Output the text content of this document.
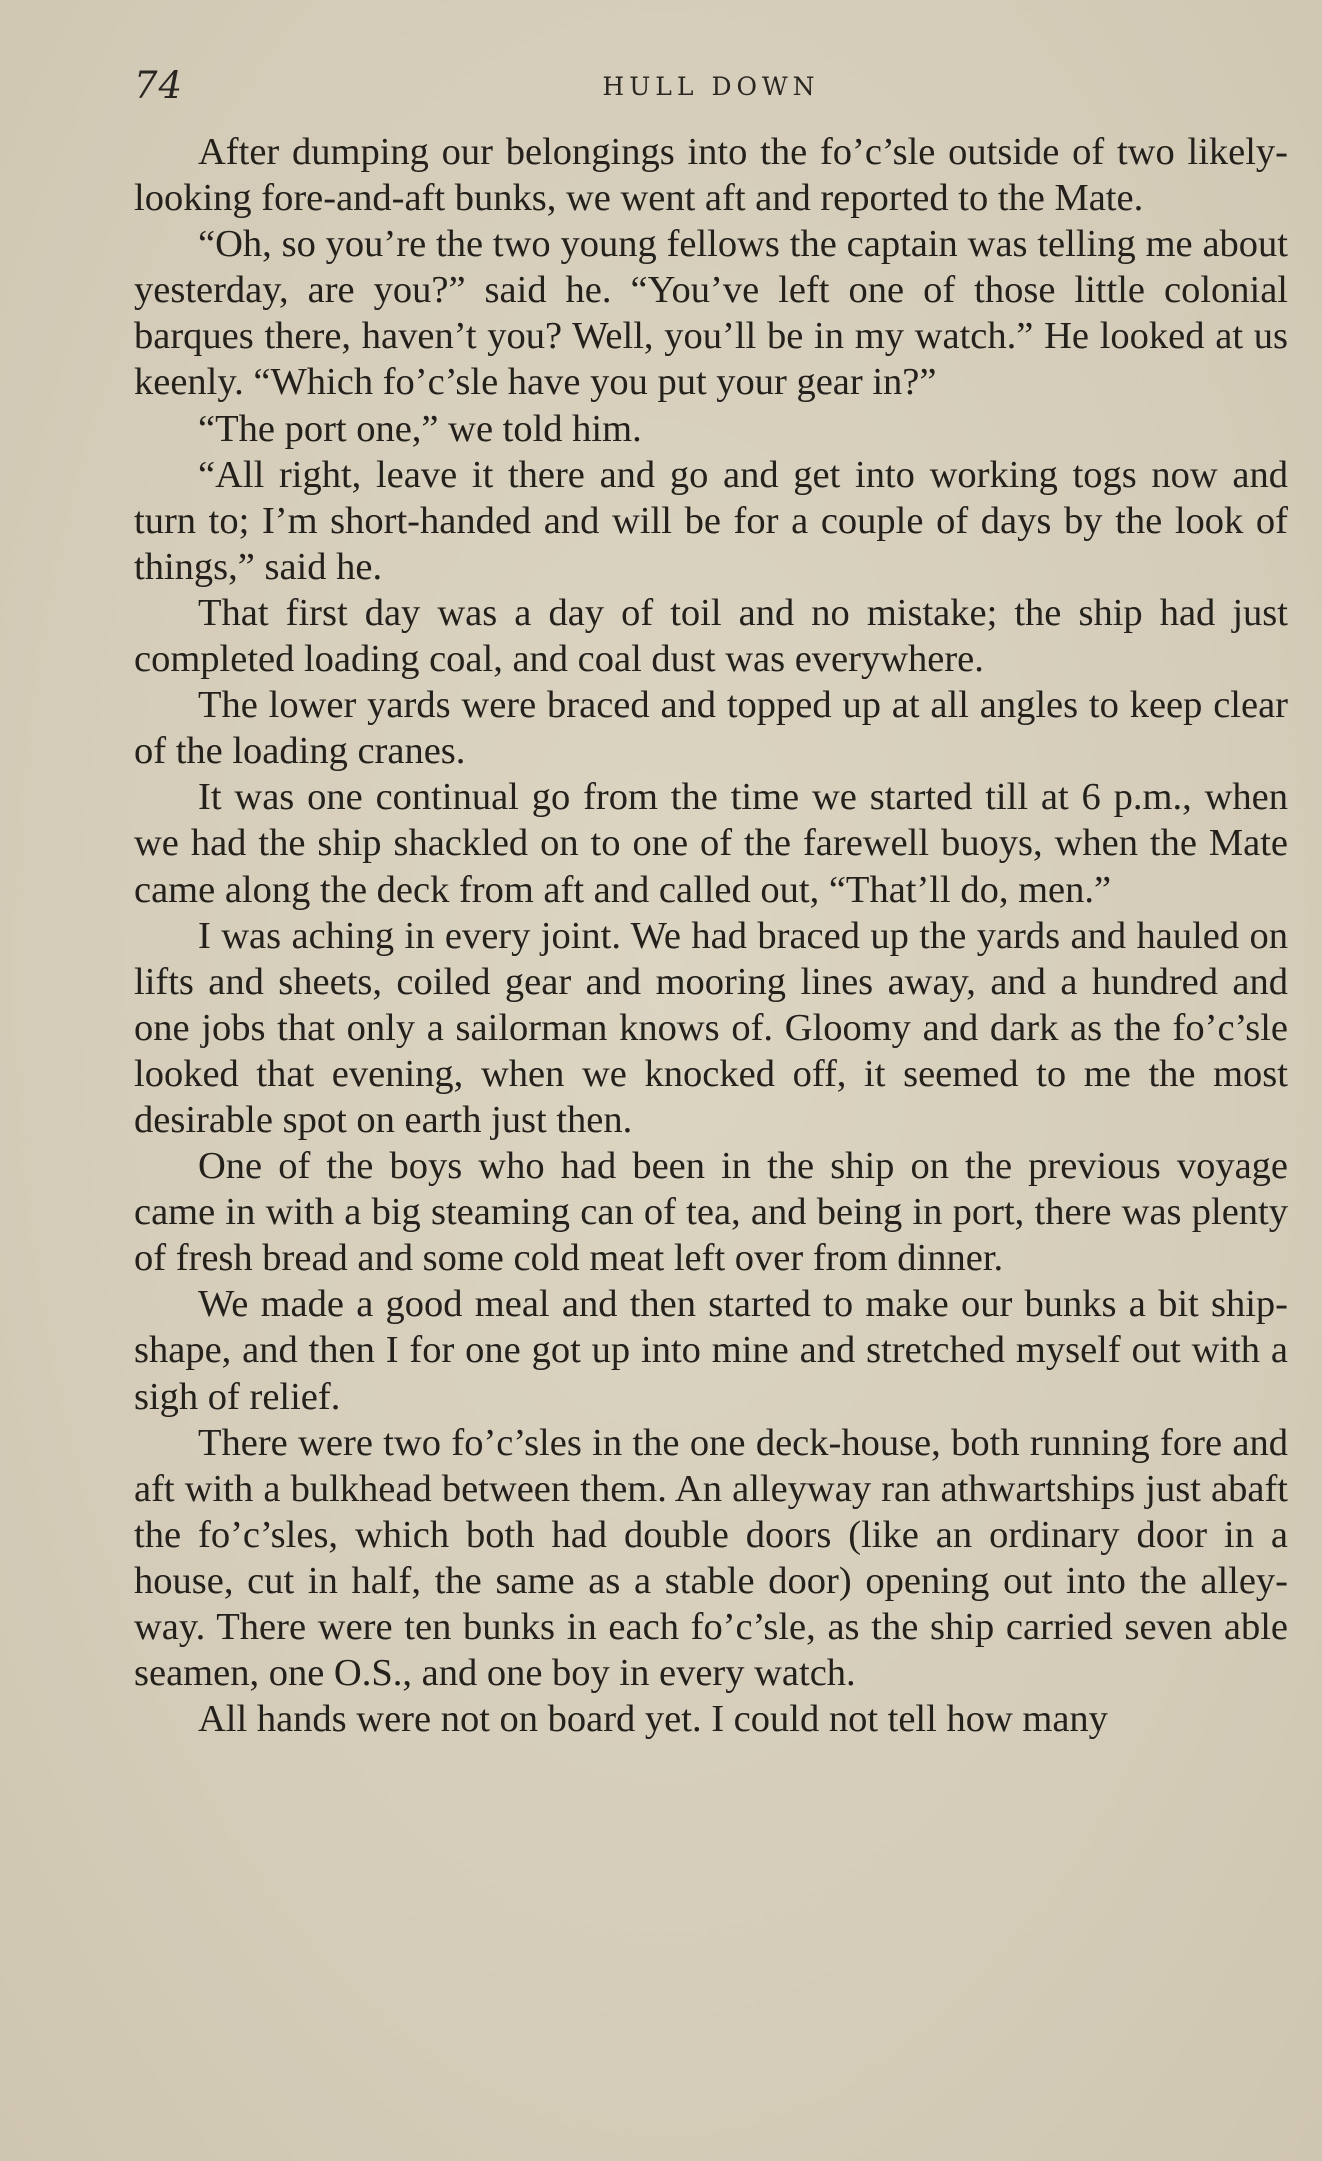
74	HULL DOWN

After dumping our belongings into the fo’c’sle outside of two likely-looking fore-and-aft bunks, we went aft and reported to the Mate.

“Oh, so you’re the two young fellows the captain was telling me about yesterday, are you?” said he. “You’ve left one of those little colonial barques there, haven’t you? Well, you’ll be in my watch.” He looked at us keenly. “Which fo’c’sle have you put your gear in?”

“The port one,” we told him.

“All right, leave it there and go and get into working togs now and turn to; I’m short-handed and will be for a couple of days by the look of things,” said he.

That first day was a day of toil and no mistake; the ship had just completed loading coal, and coal dust was everywhere.

The lower yards were braced and topped up at all angles to keep clear of the loading cranes.

It was one continual go from the time we started till at 6 p.m., when we had the ship shackled on to one of the farewell buoys, when the Mate came along the deck from aft and called out, “That’ll do, men.”

I was aching in every joint. We had braced up the yards and hauled on lifts and sheets, coiled gear and mooring lines away, and a hundred and one jobs that only a sailorman knows of. Gloomy and dark as the fo’c’sle looked that evening, when we knocked off, it seemed to me the most desirable spot on earth just then.

One of the boys who had been in the ship on the previous voyage came in with a big steaming can of tea, and being in port, there was plenty of fresh bread and some cold meat left over from dinner.

We made a good meal and then started to make our bunks a bit ship-shape, and then I for one got up into mine and stretched myself out with a sigh of relief.

There were two fo’c’sles in the one deck-house, both running fore and aft with a bulkhead between them. An alleyway ran athwartships just abaft the fo’c’sles, which both had double doors (like an ordinary door in a house, cut in half, the same as a stable door) opening out into the alley-way. There were ten bunks in each fo’c’sle, as the ship carried seven able seamen, one O.S., and one boy in every watch.

All hands were not on board yet. I could not tell how many
